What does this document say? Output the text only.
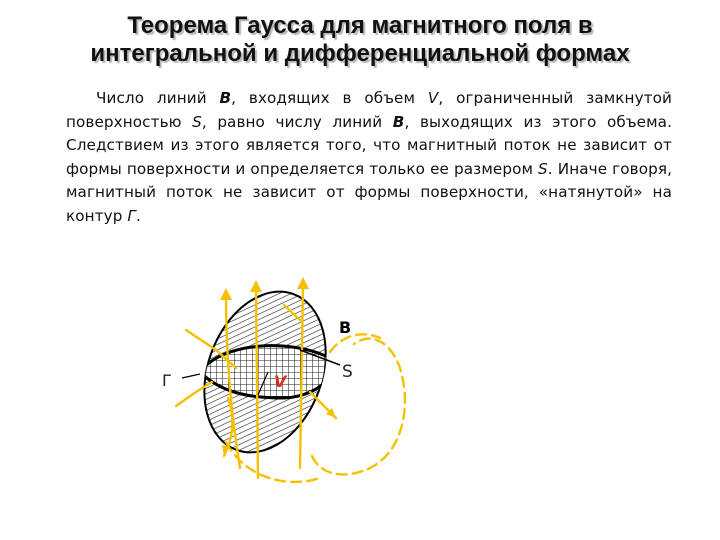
Теорема Гаусса для магнитного поля в
интегральной и дифференциальной формах
Число линий B, входящих в объем V, ограниченный замкнутой поверхностью S, равно числу линий B, выходящих из этого объема. Следствием из этого является того, что магнитный поток не зависит от формы поверхности и определяется только ее размером S. Иначе говоря, магнитный поток не зависит от формы поверхности, «натянутой» на контур Г.
B
S
V
Г
